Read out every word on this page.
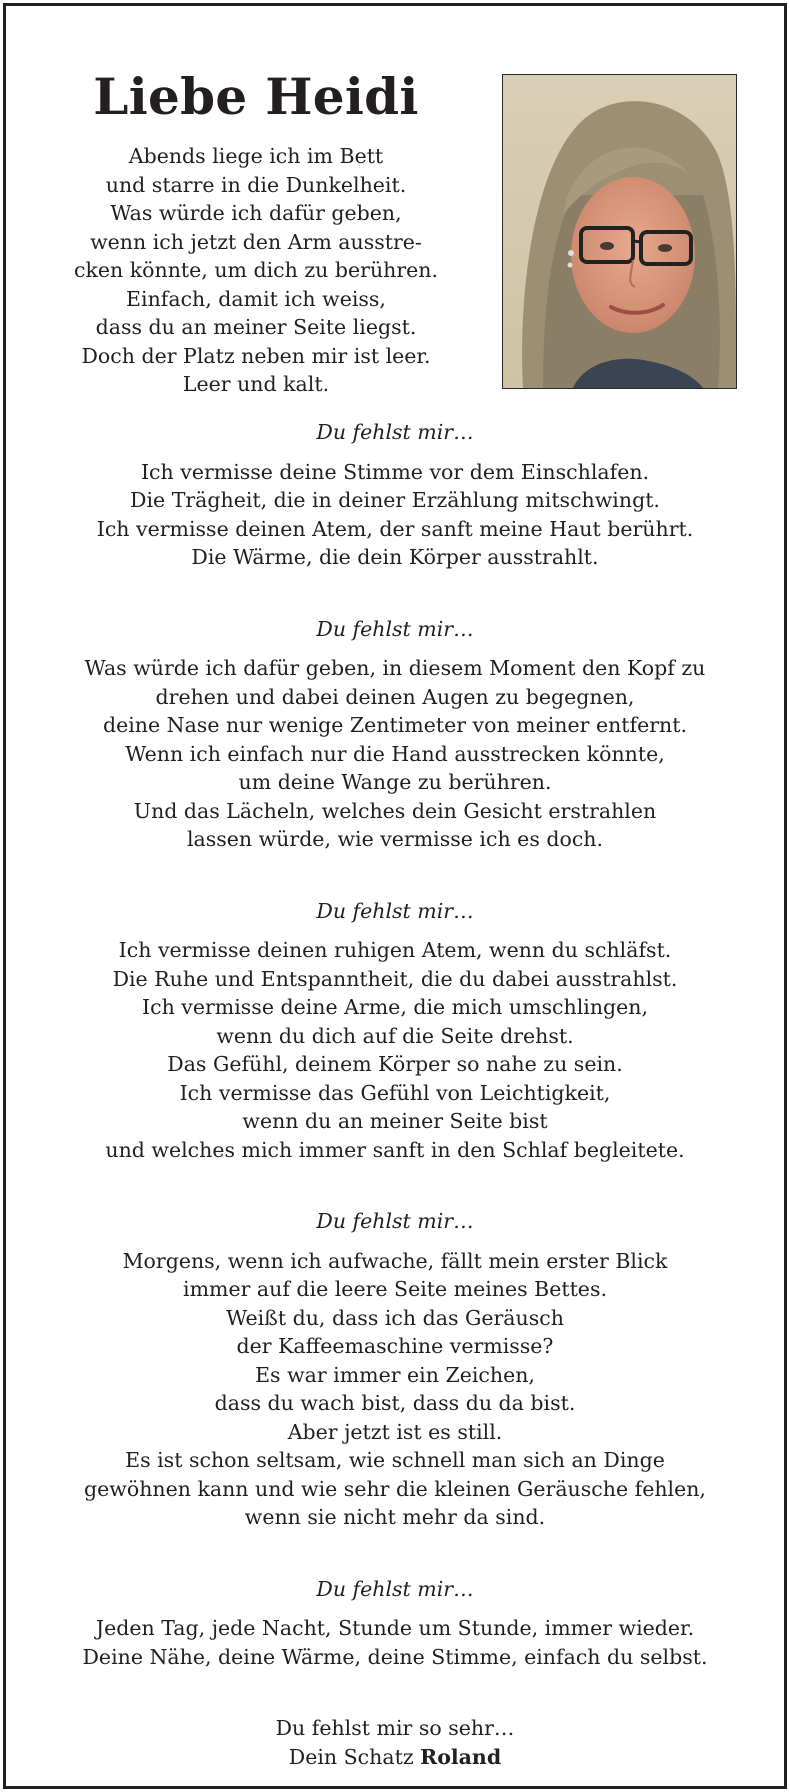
Liebe Heidi
Abends liege ich im Bett
und starre in die Dunkelheit.
Was würde ich dafür geben,
wenn ich jetzt den Arm ausstre-
cken könnte, um dich zu berühren.
Einfach, damit ich weiss,
dass du an meiner Seite liegst.
Doch der Platz neben mir ist leer.
Leer und kalt.
Du fehlst mir…
Ich vermisse deine Stimme vor dem Einschlafen.
Die Trägheit, die in deiner Erzählung mitschwingt.
Ich vermisse deinen Atem, der sanft meine Haut berührt.
Die Wärme, die dein Körper ausstrahlt.
Du fehlst mir…
Was würde ich dafür geben, in diesem Moment den Kopf zu
drehen und dabei deinen Augen zu begegnen,
deine Nase nur wenige Zentimeter von meiner entfernt.
Wenn ich einfach nur die Hand ausstrecken könnte,
um deine Wange zu berühren.
Und das Lächeln, welches dein Gesicht erstrahlen
lassen würde, wie vermisse ich es doch.
Du fehlst mir…
Ich vermisse deinen ruhigen Atem, wenn du schläfst.
Die Ruhe und Entspanntheit, die du dabei ausstrahlst.
Ich vermisse deine Arme, die mich umschlingen,
wenn du dich auf die Seite drehst.
Das Gefühl, deinem Körper so nahe zu sein.
Ich vermisse das Gefühl von Leichtigkeit,
wenn du an meiner Seite bist
und welches mich immer sanft in den Schlaf begleitete.
Du fehlst mir…
Morgens, wenn ich aufwache, fällt mein erster Blick
immer auf die leere Seite meines Bettes.
Weißt du, dass ich das Geräusch
der Kaffeemaschine vermisse?
Es war immer ein Zeichen,
dass du wach bist, dass du da bist.
Aber jetzt ist es still.
Es ist schon seltsam, wie schnell man sich an Dinge
gewöhnen kann und wie sehr die kleinen Geräusche fehlen,
wenn sie nicht mehr da sind.
Du fehlst mir…
Jeden Tag, jede Nacht, Stunde um Stunde, immer wieder.
Deine Nähe, deine Wärme, deine Stimme, einfach du selbst.
Du fehlst mir so sehr…
Dein Schatz Roland
